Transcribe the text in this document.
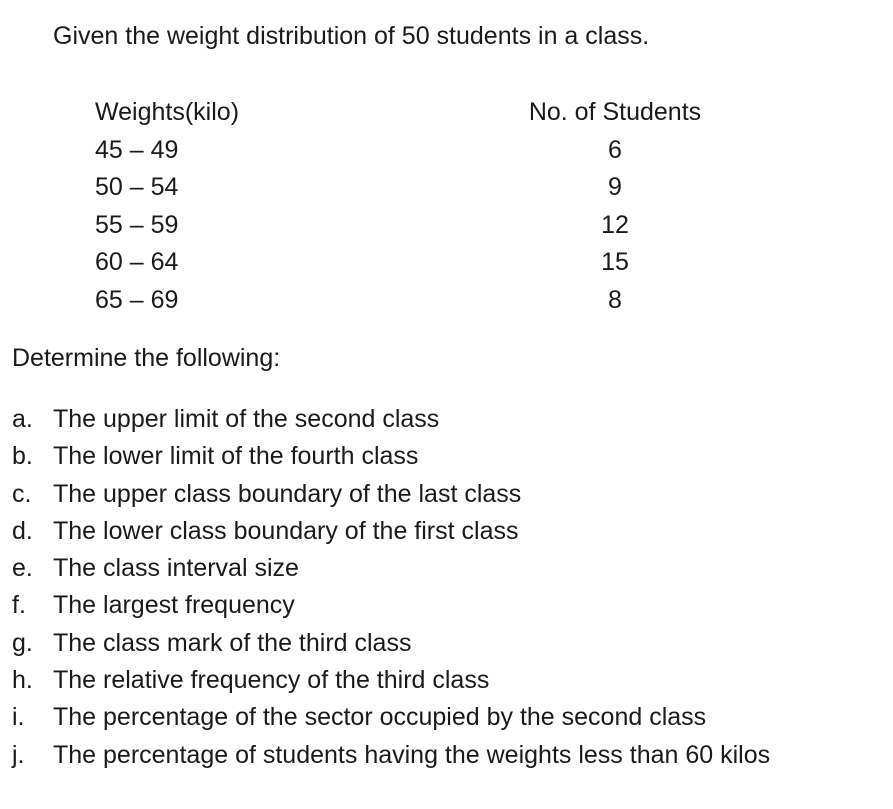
Given the weight distribution of 50 students in a class.
Weights(kilo)	No. of Students
45 – 49	6
50 – 54	9
55 – 59	12
60 – 64	15
65 – 69	8
Determine the following:
a. The upper limit of the second class
b. The lower limit of the fourth class
c. The upper class boundary of the last class
d. The lower class boundary of the first class
e. The class interval size
f. The largest frequency
g. The class mark of the third class
h. The relative frequency of the third class
i. The percentage of the sector occupied by the second class
j. The percentage of students having the weights less than 60 kilos
